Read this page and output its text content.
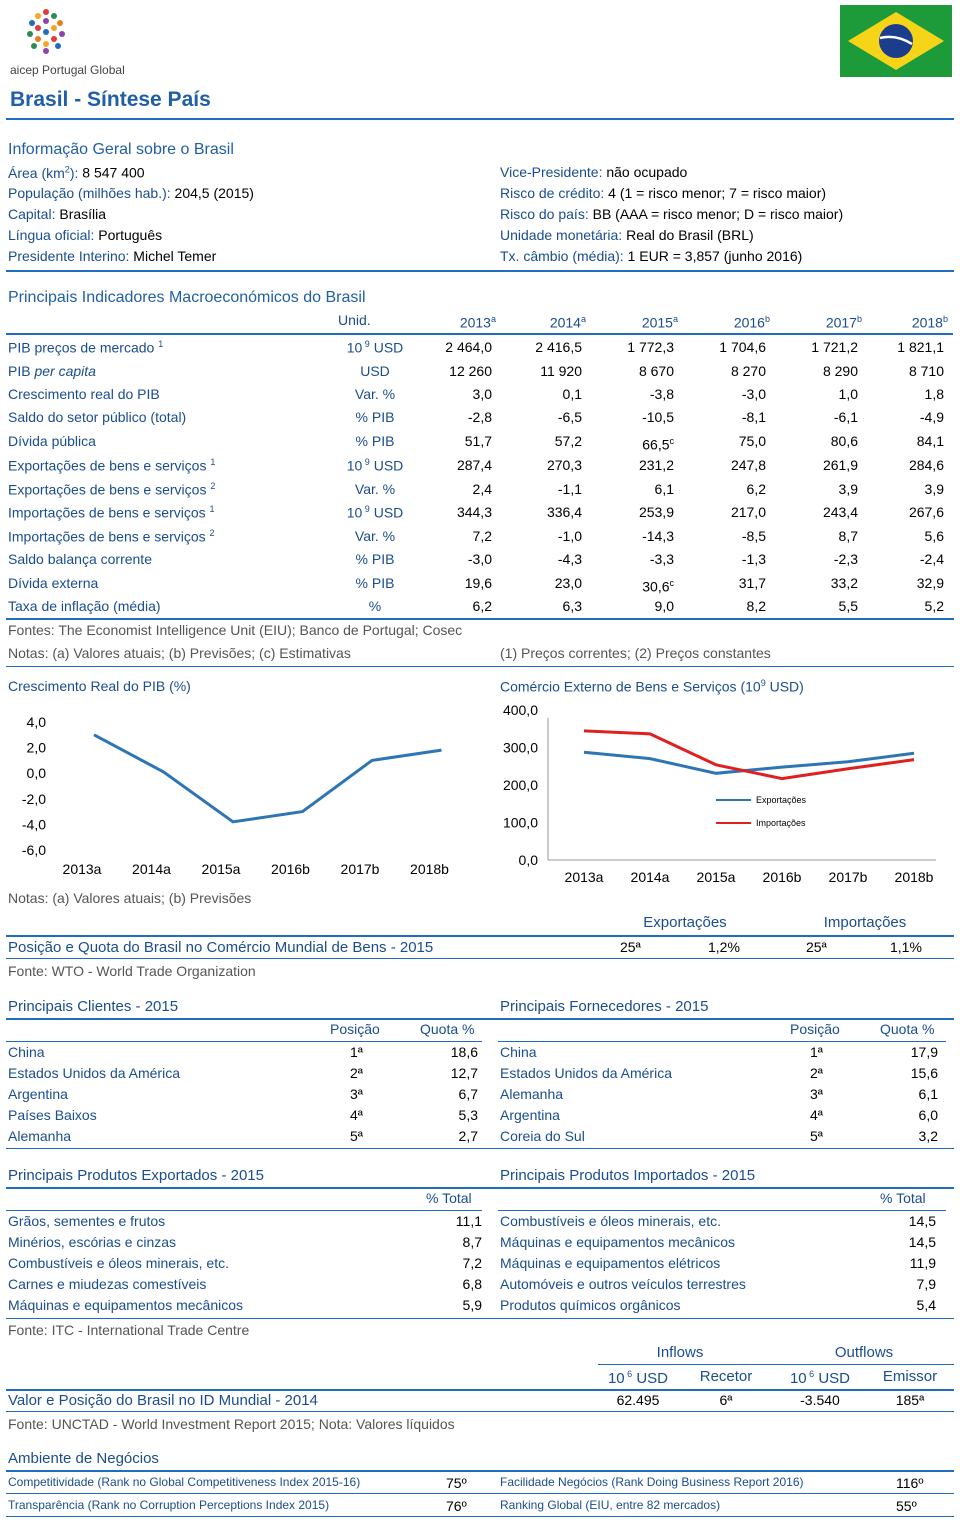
aicep Portugal Global
Brasil - Síntese País
Informação Geral sobre o Brasil
Área $(km^2)$: 8 547 400
População (milhões hab.): 204,5 (2015)
Capital: Brasília
Língua oficial: Português
Presidente Interino: Michel Temer
Vice-Presidente: não ocupado
Risco de crédito: 4 (1 = risco menor; 7 = risco maior)
Risco do país: BB (AAA = risco menor; D = risco maior)
Unidade monetária: Real do Brasil (BRL)
Tx. câmbio (média): 1 EUR = 3,857 (junho 2016)
Principais Indicadores Macroeconómicos do Brasil
Unid.	2013$^a$	2014$^a$	2015$^a$	2016$^b$	2017$^b$	2018$^b$
PIB preços de mercado $^1$	10 $^9$ USD	2 464,0	2 416,5	1 772,3	1 704,6	1 721,2	1 821,1
PIB per capita	USD	12 260	11 920	8 670	8 270	8 290	8 710
Crescimento real do PIB	Var. %	3,0	0,1	-3,8	-3,0	1,0	1,8
Saldo do setor público (total)	% PIB	-2,8	-6,5	-10,5	-8,1	-6,1	-4,9
Dívida pública	% PIB	51,7	57,2	66,5$^c$	75,0	80,6	84,1
Exportações de bens e serviços $^1$	10 $^9$ USD	287,4	270,3	231,2	247,8	261,9	284,6
Exportações de bens e serviços $^2$	Var. %	2,4	-1,1	6,1	6,2	3,9	3,9
Importações de bens e serviços $^1$	10 $^9$ USD	344,3	336,4	253,9	217,0	243,4	267,6
Importações de bens e serviços $^2$	Var. %	7,2	-1,0	-14,3	-8,5	8,7	5,6
Saldo balança corrente	% PIB	-3,0	-4,3	-3,3	-1,3	-2,3	-2,4
Dívida externa	% PIB	19,6	23,0	30,6$^c$	31,7	33,2	32,9
Taxa de inflação (média)	%	6,2	6,3	9,0	8,2	5,5	5,2
Fontes: The Economist Intelligence Unit (EIU); Banco de Portugal; Cosec
Notas: (a) Valores atuais; (b) Previsões; (c) Estimativas	(1) Preços correntes; (2) Preços constantes
Crescimento Real do PIB (%)
4,0
2,0
0,0
-2,0
-4,0
-6,0
2013a 2014a 2015a 2016b 2017b 2018b
Notas: (a) Valores atuais; (b) Previsões
Comércio Externo de Bens e Serviços ($10^9$ USD)
400,0
300,0
200,0
100,0
0,0
2013a 2014a 2015a 2016b 2017b 2018b
Exportações
Importações
Exportações	Importações
Posição e Quota do Brasil no Comércio Mundial de Bens - 2015	25ª	1,2%	25ª	1,1%
Fonte: WTO - World Trade Organization
Principais Clientes - 2015	Principais Fornecedores - 2015
Posição	Quota %
China	1ª	18,6
Estados Unidos da América	2ª	12,7
Argentina	3ª	6,7
Países Baixos	4ª	5,3
Alemanha	5ª	2,7
Posição	Quota %
China	1ª	17,9
Estados Unidos da América	2ª	15,6
Alemanha	3ª	6,1
Argentina	4ª	6,0
Coreia do Sul	5ª	3,2
Principais Produtos Exportados - 2015	Principais Produtos Importados - 2015
% Total
Grãos, sementes e frutos	11,1
Minérios, escórias e cinzas	8,7
Combustíveis e óleos minerais, etc.	7,2
Carnes e miudezas comestíveis	6,8
Máquinas e equipamentos mecânicos	5,9
% Total
Combustíveis e óleos minerais, etc.	14,5
Máquinas e equipamentos mecânicos	14,5
Máquinas e equipamentos elétricos	11,9
Automóveis e outros veículos terrestres	7,9
Produtos químicos orgânicos	5,4
Fonte: ITC - International Trade Centre
Inflows	Outflows
10 $^6$ USD	Recetor	10 $^6$ USD	Emissor
Valor e Posição do Brasil no ID Mundial - 2014	62.495	6ª	-3.540	185ª
Fonte: UNCTAD - World Investment Report 2015; Nota: Valores líquidos
Ambiente de Negócios
Competitividade (Rank no Global Competitiveness Index 2015-16)	75º	Facilidade Negócios (Rank Doing Business Report 2016)	116º
Transparência (Rank no Corruption Perceptions Index 2015)	76º	Ranking Global (EIU, entre 82 mercados)	55º
